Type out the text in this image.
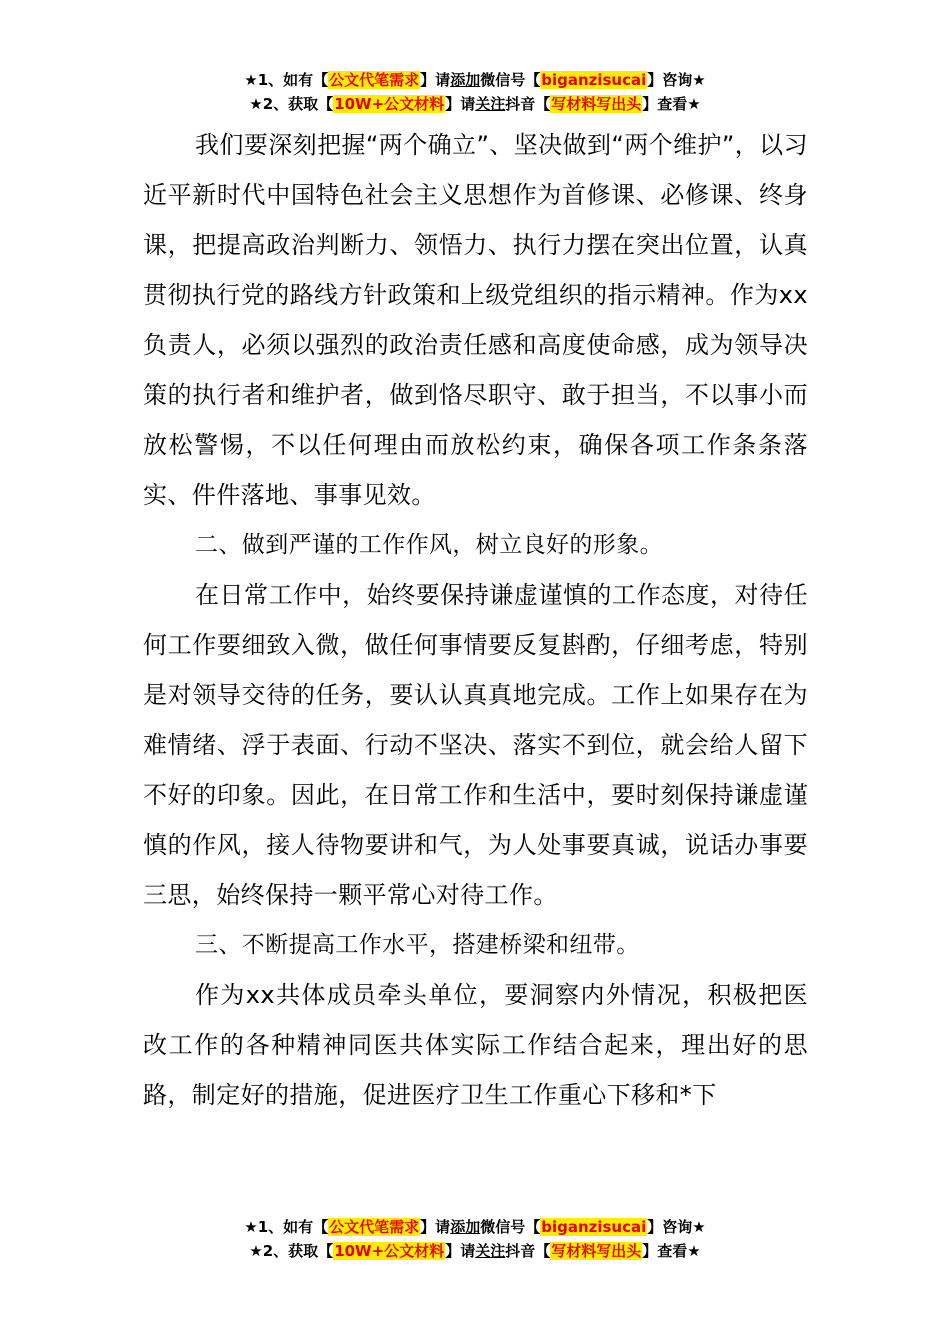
★1、如有【公文代笔需求】请添加微信号【biganzisucai】咨询★
★2、获取【10W+公文材料】请关注抖音【写材料写出头】查看★

我们要深刻把握“两个确立”、坚决做到“两个维护”，以习近平新时代中国特色社会主义思想作为首修课、必修课、终身课，把提高政治判断力、领悟力、执行力摆在突出位置，认真贯彻执行党的路线方针政策和上级党组织的指示精神。作为xx负责人，必须以强烈的政治责任感和高度使命感，成为领导决策的执行者和维护者，做到恪尽职守、敢于担当，不以事小而放松警惕，不以任何理由而放松约束，确保各项工作条条落实、件件落地、事事见效。

二、做到严谨的工作作风，树立良好的形象。

在日常工作中，始终要保持谦虚谨慎的工作态度，对待任何工作要细致入微，做任何事情要反复斟酌，仔细考虑，特别是对领导交待的任务，要认认真真地完成。工作上如果存在为难情绪、浮于表面、行动不坚决、落实不到位，就会给人留下不好的印象。因此，在日常工作和生活中，要时刻保持谦虚谨慎的作风，接人待物要讲和气，为人处事要真诚，说话办事要三思，始终保持一颗平常心对待工作。

三、不断提高工作水平，搭建桥梁和纽带。

作为xx共体成员牵头单位，要洞察内外情况，积极把医改工作的各种精神同医共体实际工作结合起来，理出好的思路，制定好的措施，促进医疗卫生工作重心下移和*下

★1、如有【公文代笔需求】请添加微信号【biganzisucai】咨询★
★2、获取【10W+公文材料】请关注抖音【写材料写出头】查看★
